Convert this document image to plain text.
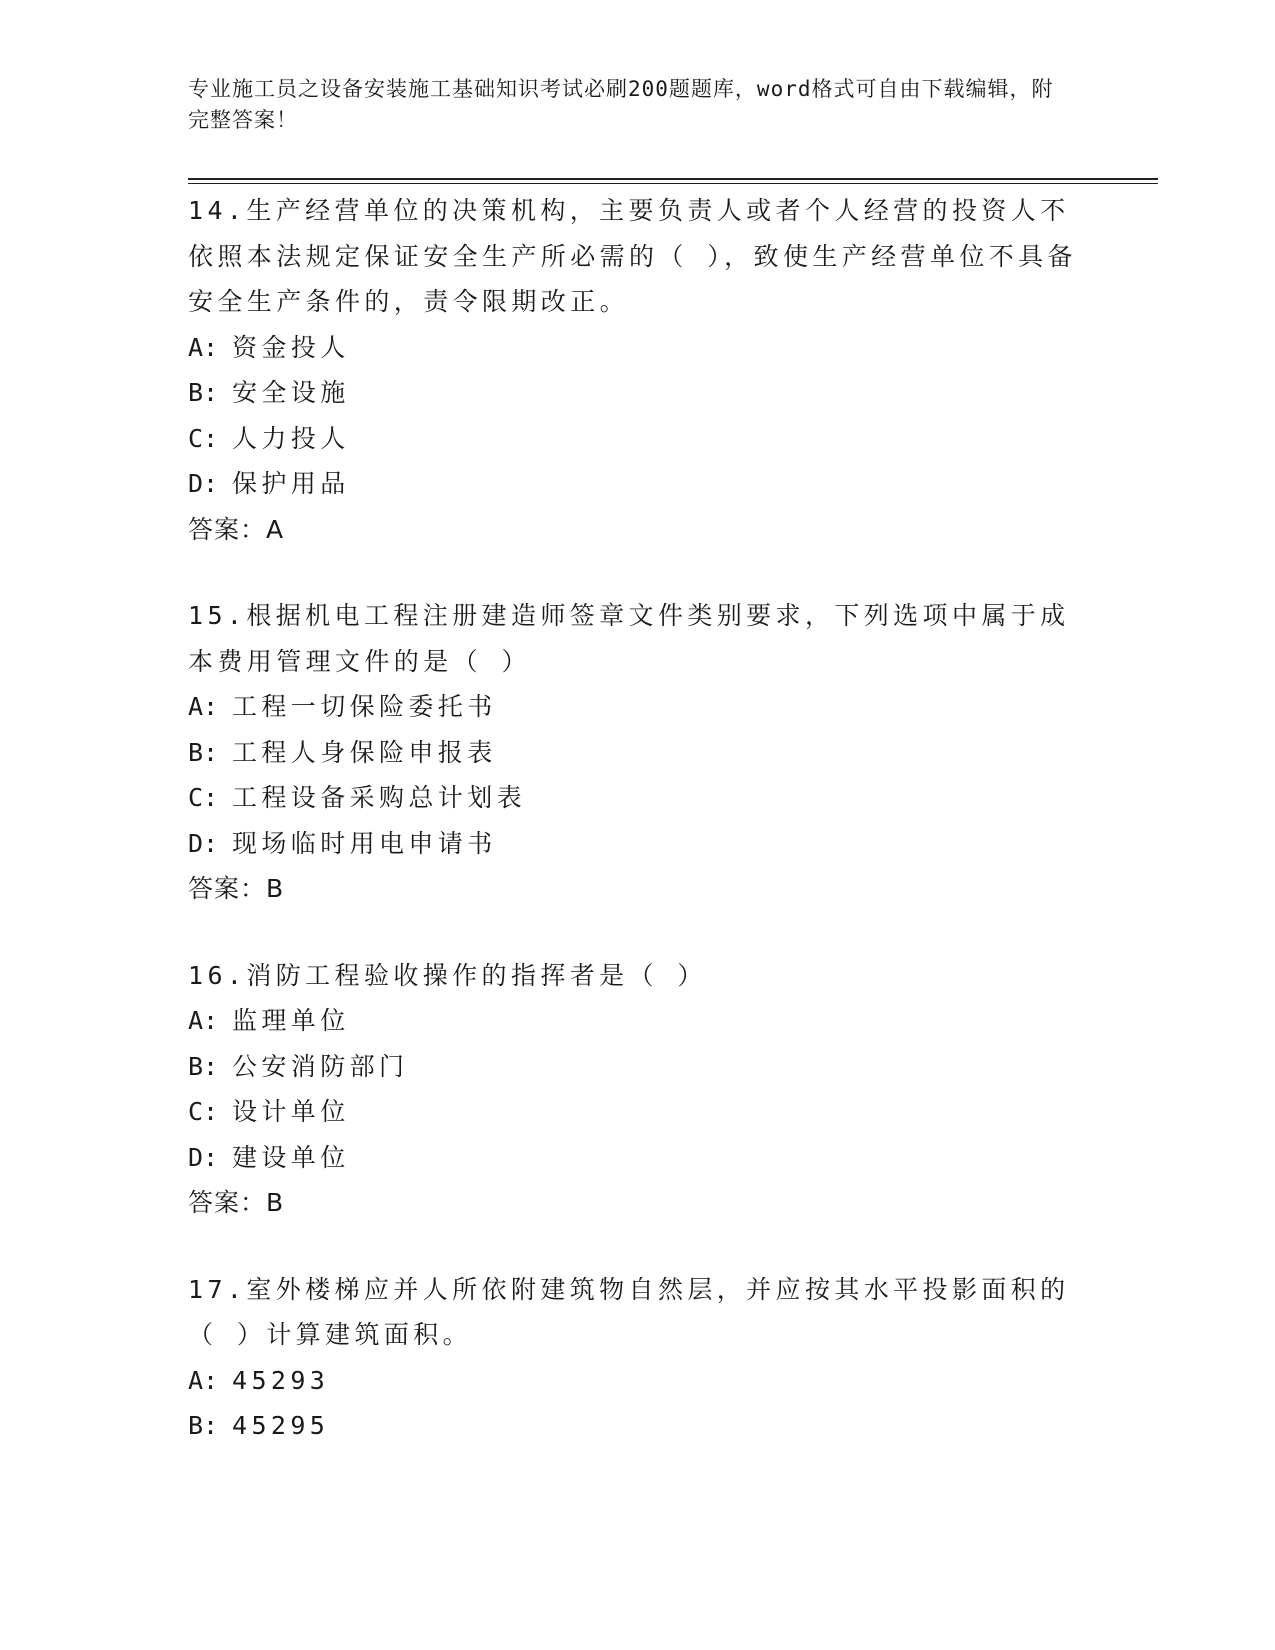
专业施工员之设备安装施工基础知识考试必刷200题题库，word格式可自由下载编辑，附完整答案！
14.生产经营单位的决策机构，主要负责人或者个人经营的投资人不依照本法规定保证安全生产所必需的（ ），致使生产经营单位不具备安全生产条件的，责令限期改正。
A: 资金投人
B: 安全设施
C: 人力投人
D: 保护用品
答案：A
15.根据机电工程注册建造师签章文件类别要求，下列选项中属于成本费用管理文件的是（ ）
A: 工程一切保险委托书
B: 工程人身保险申报表
C: 工程设备采购总计划表
D: 现场临时用电申请书
答案：B
16.消防工程验收操作的指挥者是（ ）
A: 监理单位
B: 公安消防部门
C: 设计单位
D: 建设单位
答案：B
17.室外楼梯应并人所依附建筑物自然层，并应按其水平投影面积的（ ）计算建筑面积。
A: 45293
B: 45295
